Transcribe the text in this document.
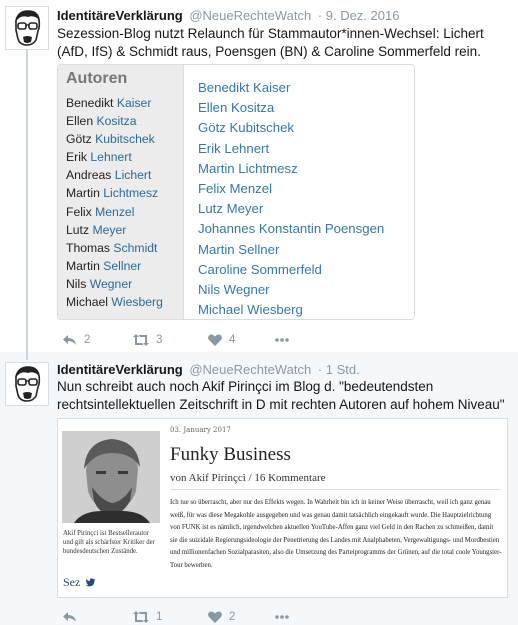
IdentitäreVerklärung @NeueRechteWatch · 9. Dez. 2016
Sezession-Blog nutzt Relaunch für Stammautor*innen-Wechsel: Lichert (AfD, IfS) & Schmidt raus, Poensgen (BN) & Caroline Sommerfeld rein.
Autoren
Benedikt Kaiser
Ellen Kositza
Götz Kubitschek
Erik Lehnert
Andreas Lichert
Martin Lichtmesz
Felix Menzel
Lutz Meyer
Thomas Schmidt
Martin Sellner
Nils Wegner
Michael Wiesberg
Benedikt Kaiser
Ellen Kositza
Götz Kubitschek
Erik Lehnert
Martin Lichtmesz
Felix Menzel
Lutz Meyer
Johannes Konstantin Poensgen
Martin Sellner
Caroline Sommerfeld
Nils Wegner
Michael Wiesberg
2	3	4
IdentitäreVerklärung @NeueRechteWatch · 1 Std.
Nun schreibt auch noch Akif Pirinçci im Blog d. "bedeutendsten rechtsintellektuellen Zeitschrift in D mit rechten Autoren auf hohem Niveau"
Akif Pirinçci ist Bestsellerautor und gilt als schärfster Kritiker der bundesdeutschen Zustände.
Sez
03. January 2017
Funky Business
von Akif Pirinçci / 16 Kommentare
Ich tue so überrascht, aber nur des Effekts wegen. In Wahrheit bin ich in keiner Weise überrascht, weil ich ganz genau weiß, für was diese Megakohle ausgegeben und was genau damit tatsächlich eingekauft wurde. Die Hauptzielrichtung von FUNK ist es nämlich, irgendwelchen aktuellen YouTube-Affen ganz viel Geld in den Rachen zu schmeißen, damit sie die suizidale Regierungsideologie der Penetrierung des Landes mit Analphabeten, Vergewaltigungs- und Mordbestien und millionenfachen Sozialparasiten, also die Umsetzung des Parteiprogramms der Grünen, auf die total coole Youngster-Tour bewerben.
1	2
